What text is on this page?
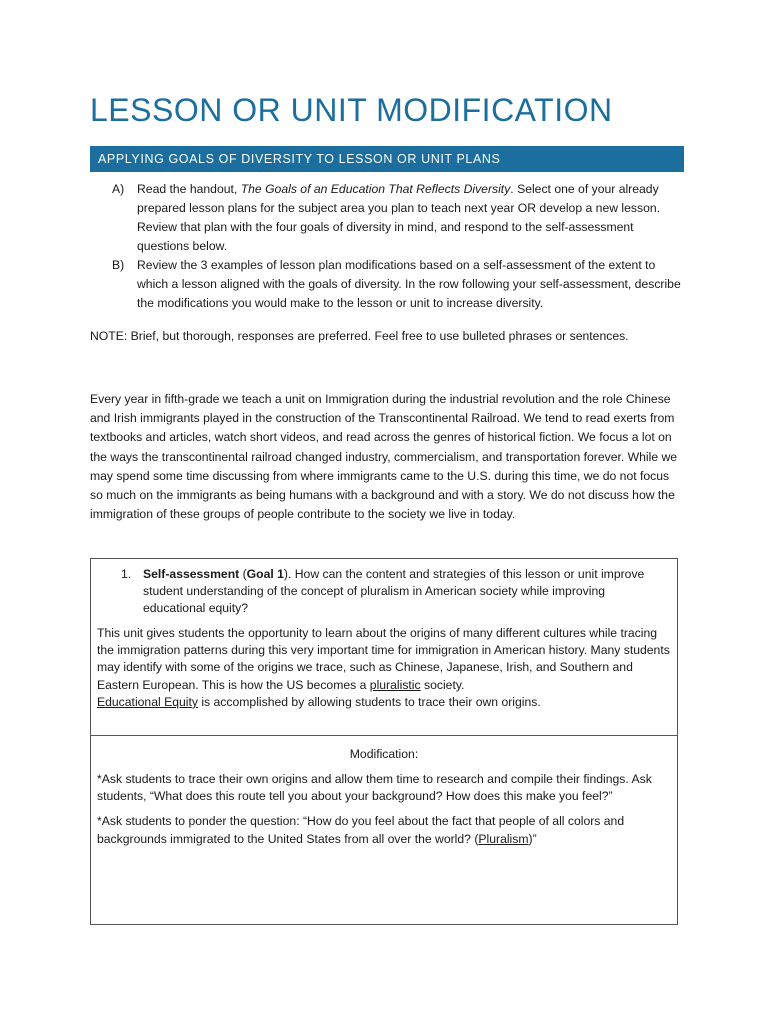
LESSON OR UNIT MODIFICATION
APPLYING GOALS OF DIVERSITY TO LESSON OR UNIT PLANS
A)	Read the handout, The Goals of an Education That Reflects Diversity. Select one of your already prepared lesson plans for the subject area you plan to teach next year OR develop a new lesson. Review that plan with the four goals of diversity in mind, and respond to the self-assessment questions below.
B)	Review the 3 examples of lesson plan modifications based on a self-assessment of the extent to which a lesson aligned with the goals of diversity. In the row following your self-assessment, describe the modifications you would make to the lesson or unit to increase diversity.
NOTE: Brief, but thorough, responses are preferred. Feel free to use bulleted phrases or sentences.
Every year in fifth-grade we teach a unit on Immigration during the industrial revolution and the role Chinese and Irish immigrants played in the construction of the Transcontinental Railroad. We tend to read exerts from textbooks and articles, watch short videos, and read across the genres of historical fiction. We focus a lot on the ways the transcontinental railroad changed industry, commercialism, and transportation forever. While we may spend some time discussing from where immigrants came to the U.S. during this time, we do not focus so much on the immigrants as being humans with a background and with a story. We do not discuss how the immigration of these groups of people contribute to the society we live in today.
1. Self-assessment (Goal 1). How can the content and strategies of this lesson or unit improve student understanding of the concept of pluralism in American society while improving educational equity?
This unit gives students the opportunity to learn about the origins of many different cultures while tracing the immigration patterns during this very important time for immigration in American history. Many students may identify with some of the origins we trace, such as Chinese, Japanese, Irish, and Southern and Eastern European. This is how the US becomes a pluralistic society.
Educational Equity is accomplished by allowing students to trace their own origins.
Modification:
*Ask students to trace their own origins and allow them time to research and compile their findings. Ask students, “What does this route tell you about your background? How does this make you feel?”
*Ask students to ponder the question: “How do you feel about the fact that people of all colors and backgrounds immigrated to the United States from all over the world? (Pluralism)”
